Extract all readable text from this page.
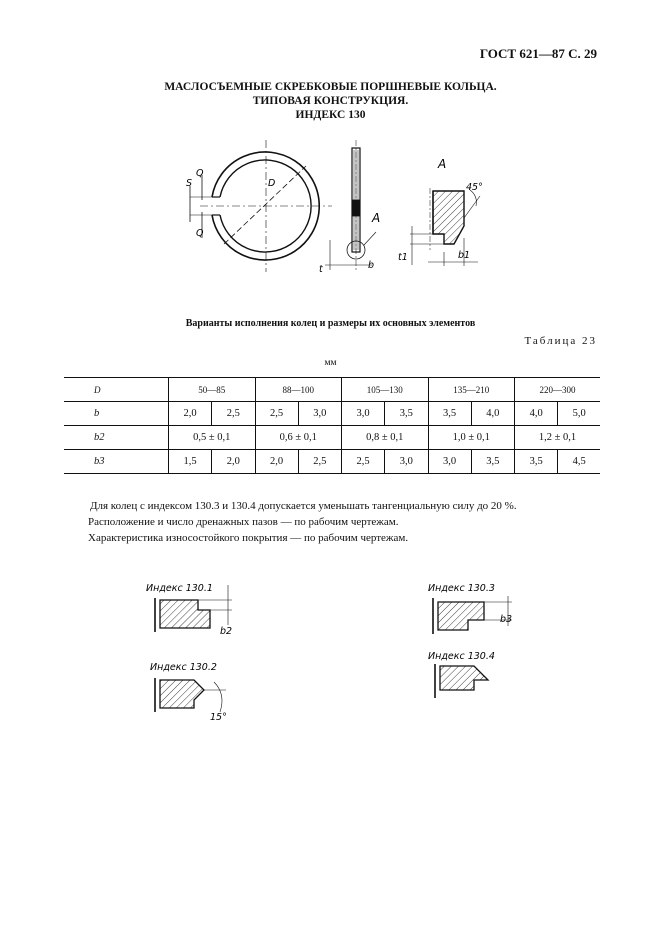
ГОСТ 621—87 С. 29
МАСЛОСЪЕМНЫЕ СКРЕБКОВЫЕ ПОРШНЕВЫЕ КОЛЬЦА.
ТИПОВАЯ КОНСТРУКЦИЯ.
ИНДЕКС 130
Q
Q
S	D
A
t	b
A
45°
t1	b1
Индекс 130.1
b2
Индекс 130.2
15°
Индекс 130.3
b3
Индекс 130.4
Варианты исполнения колец и размеры их основных элементов
Таблица 23
мм
D	50—85		88—100		105—130		135—210		220—300	
b	2,0	2,5	2,5	3,0	3,0	3,5	3,5	4,0	4,0	5,0
b2	0,5 ± 0,1		0,6 ± 0,1		0,8 ± 0,1		1,0 ± 0,1		1,2 ± 0,1	
b3	1,5	2,0	2,0	2,5	2,5	3,0	3,0	3,5	3,5	4,5
Для колец с индексом 130.3 и 130.4 допускается уменьшать тангенциальную силу до 20 %.
Расположение и число дренажных пазов — по рабочим чертежам.
Характеристика износостойкого покрытия — по рабочим чертежам.
